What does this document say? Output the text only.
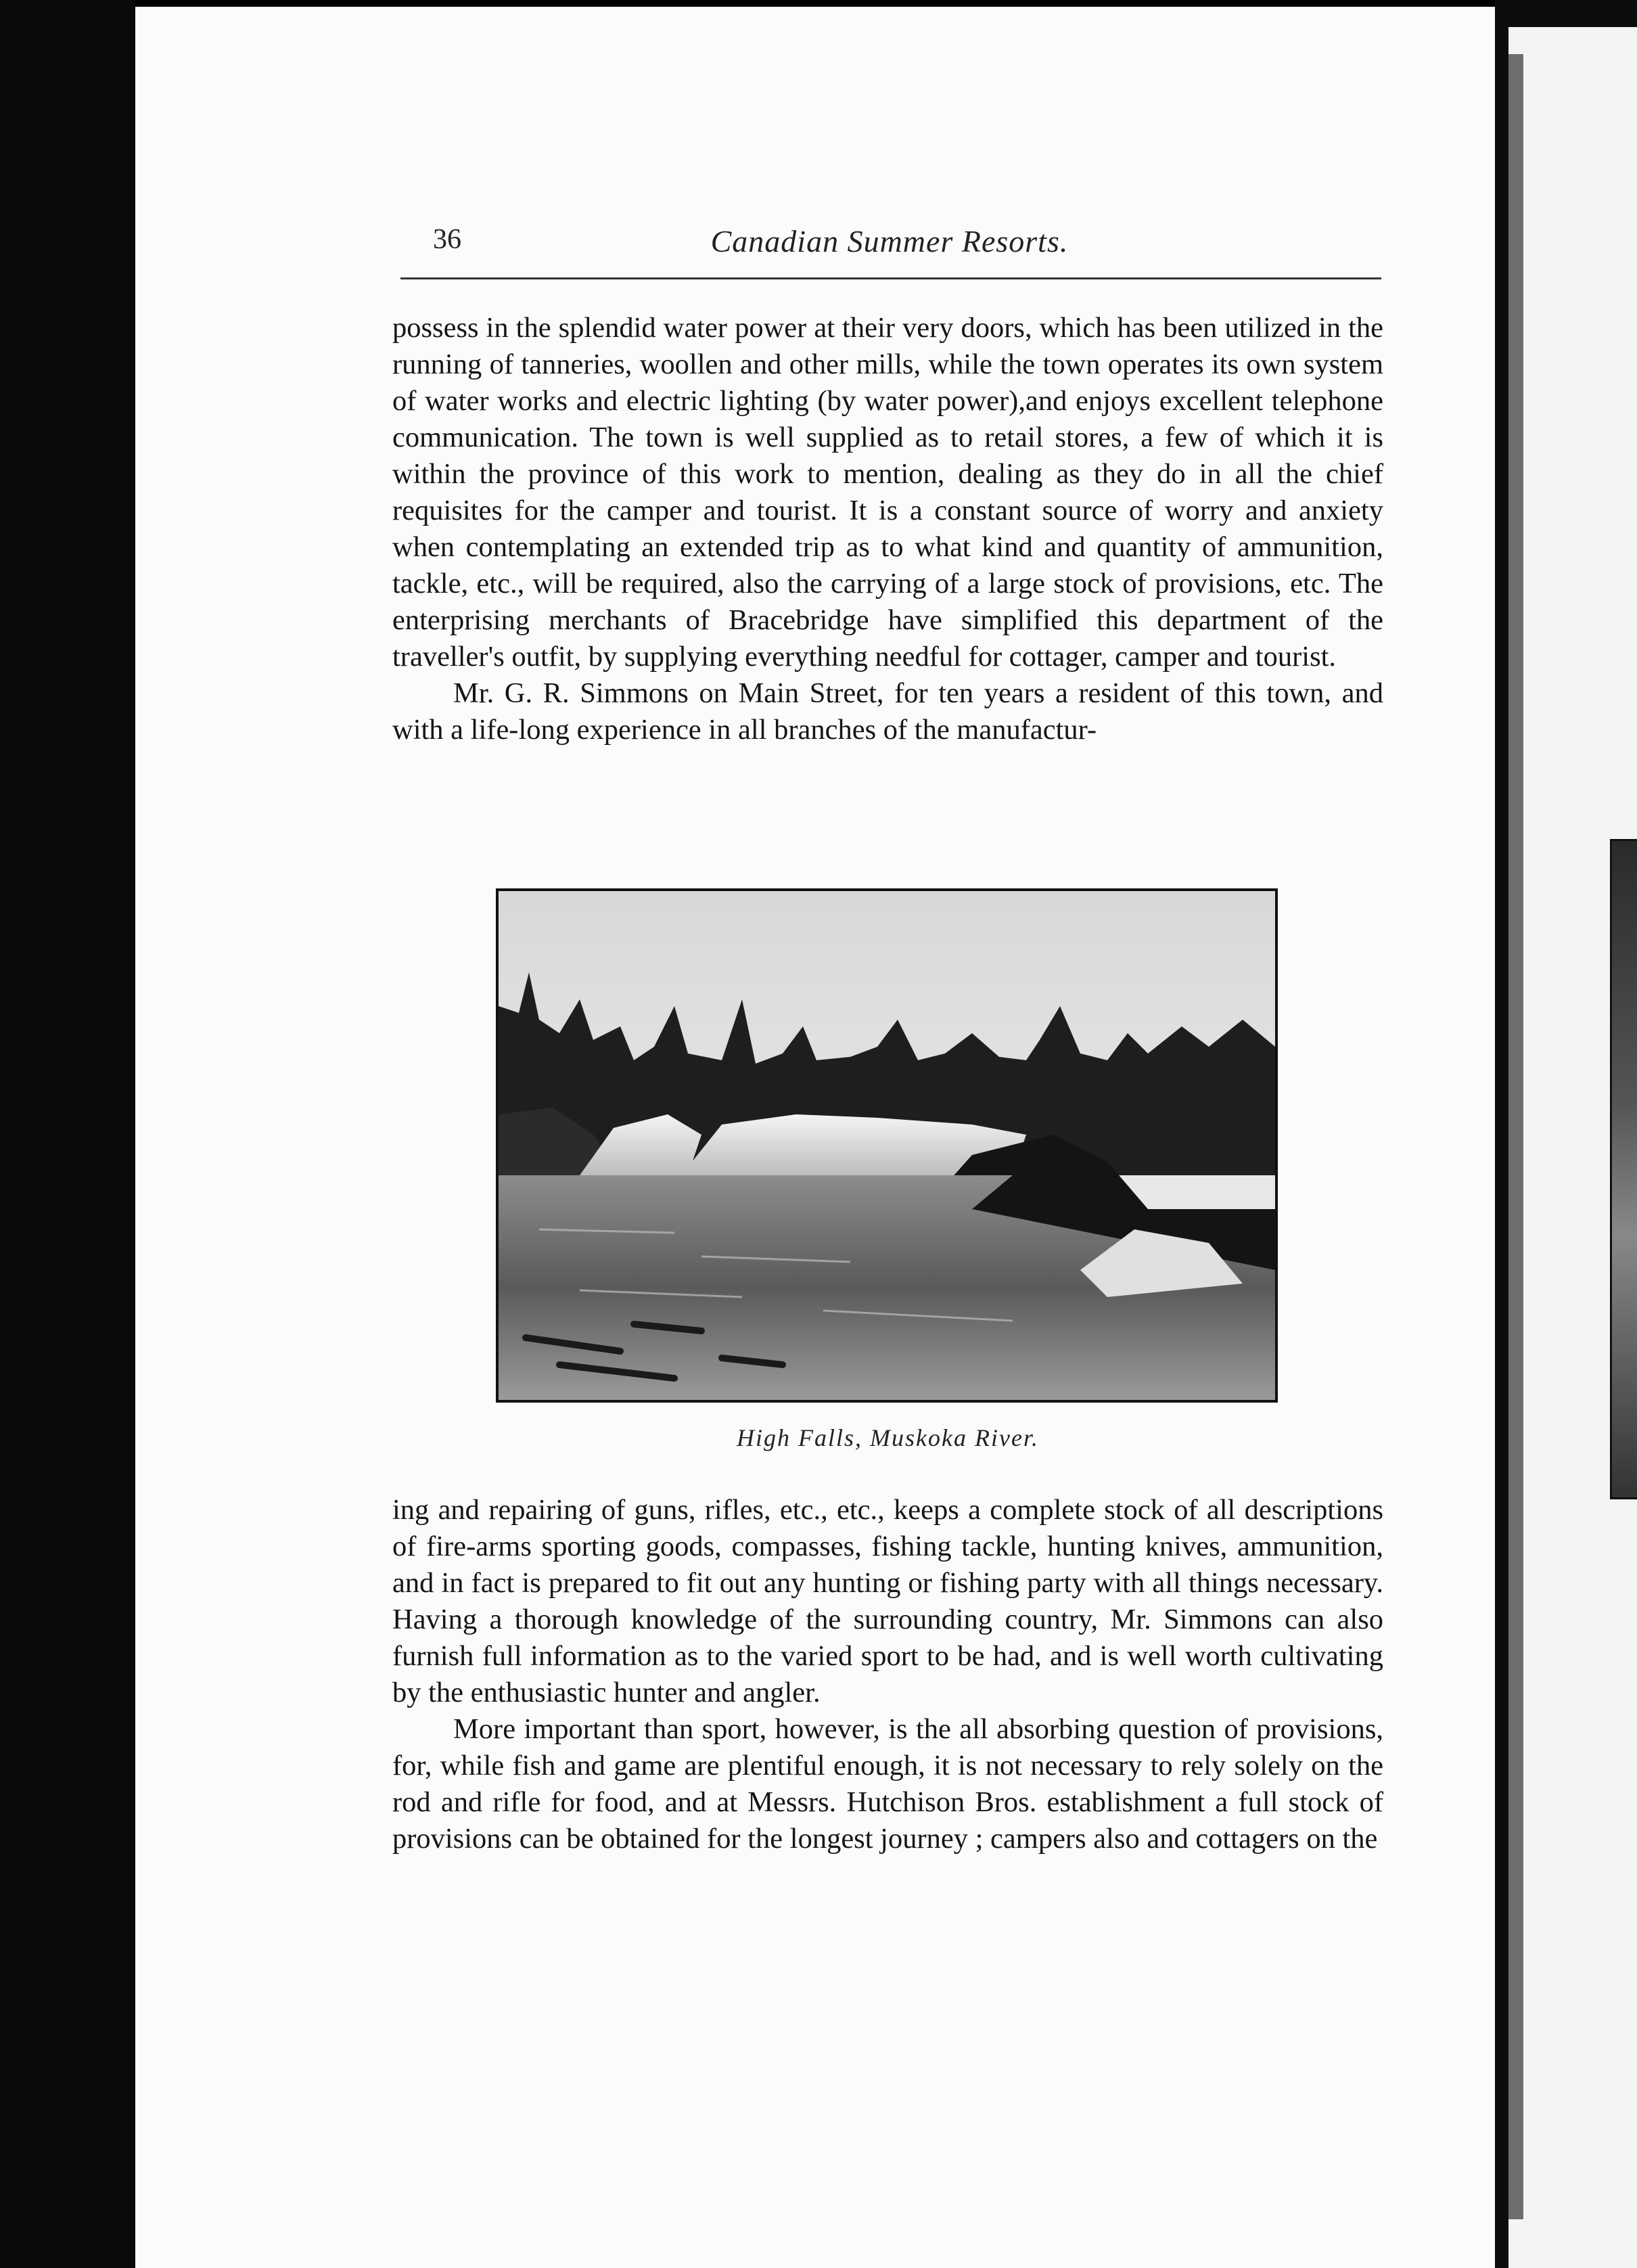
36	Canadian Summer Resorts.

possess in the splendid water power at their very doors, which has been utilized in the running of tanneries, woollen and other mills, while the town operates its own system of water works and electric lighting (by water power),and enjoys excellent telephone communication. The town is well supplied as to retail stores, a few of which it is within the province of this work to mention, dealing as they do in all the chief requisites for the camper and tourist. It is a constant source of worry and anxiety when contemplating an extended trip as to what kind and quantity of ammunition, tackle, etc., will be required, also the carrying of a large stock of provisions, etc. The enterprising merchants of Bracebridge have simplified this department of the traveller's outfit, by supplying everything needful for cottager, camper and tourist.

Mr. G. R. Simmons on Main Street, for ten years a resident of this town, and with a life-long experience in all branches of the manufactur-

High Falls, Muskoka River.

ing and repairing of guns, rifles, etc., etc., keeps a complete stock of all descriptions of fire-arms sporting goods, compasses, fishing tackle, hunting knives, ammunition, and in fact is prepared to fit out any hunting or fishing party with all things necessary. Having a thorough knowledge of the surrounding country, Mr. Simmons can also furnish full information as to the varied sport to be had, and is well worth cultivating by the enthusiastic hunter and angler.

More important than sport, however, is the all absorbing question of provisions, for, while fish and game are plentiful enough, it is not necessary to rely solely on the rod and rifle for food, and at Messrs. Hutchison Bros. establishment a full stock of provisions can be obtained for the longest journey ; campers also and cottagers on the
